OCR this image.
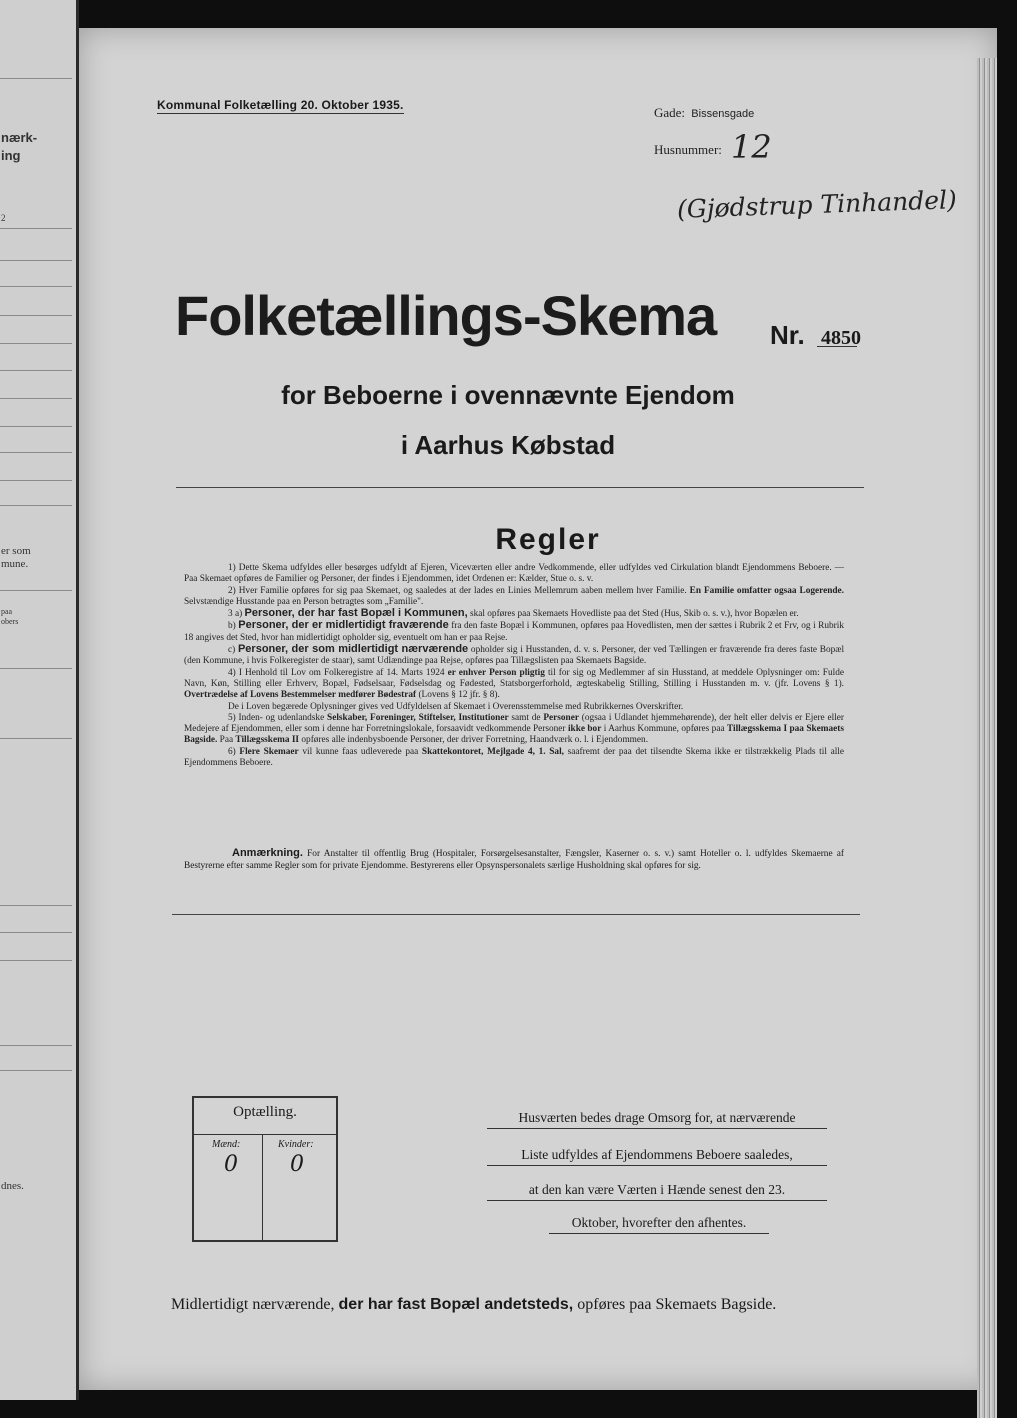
nærk-
ing
2
er som
mune.
paa
obers
dnes.
Kommunal Folketælling 20. Oktober 1935.	Gade: Bissensgade
Husnummer: 12
(Gjødstrup Tinhandel)
Folketællings-Skema Nr. 4850
for Beboerne i ovennævnte Ejendom
i Aarhus Købstad
Regler

1) Dette Skema udfyldes eller besørges udfyldt af Ejeren, Viceværten eller andre Vedkommende, eller udfyldes ved Cirkulation blandt Ejendommens Beboere. — Paa Skemaet opføres de Familier og Personer, der findes i Ejendommen, idet Ordenen er: Kælder, Stue o. s. v.

2) Hver Familie opføres for sig paa Skemaet, og saaledes at der lades en Linies Mellemrum aaben mellem hver Familie. En Familie omfatter ogsaa Logerende. Selvstændige Husstande paa en Person betragtes som „Familie".

3 a) Personer, der har fast Bopæl i Kommunen, skal opføres paa Skemaets Hovedliste paa det Sted (Hus, Skib o. s. v.), hvor Bopælen er.

b) Personer, der er midlertidigt fraværende fra den faste Bopæl i Kommunen, opføres paa Hovedlisten, men der sættes i Rubrik 2 et Frv, og i Rubrik 18 angives det Sted, hvor han midlertidigt opholder sig, eventuelt om han er paa Rejse.

c) Personer, der som midlertidigt nærværende opholder sig i Husstanden, d. v. s. Personer, der ved Tællingen er fraværende fra deres faste Bopæl (den Kommune, i hvis Folkeregister de staar), samt Udlændinge paa Rejse, opføres paa Tillægslisten paa Skemaets Bagside.

4) I Henhold til Lov om Folkeregistre af 14. Marts 1924 er enhver Person pligtig til for sig og Medlemmer af sin Husstand, at meddele Oplysninger om: Fulde Navn, Køn, Stilling eller Erhverv, Bopæl, Fødselsaar, Fødselsdag og Fødested, Statsborgerforhold, ægteskabelig Stilling, Stilling i Husstanden m. v. (jfr. Lovens § 1). Overtrædelse af Lovens Bestemmelser medfører Bødestraf (Lovens § 12 jfr. § 8).

De i Loven begærede Oplysninger gives ved Udfyldelsen af Skemaet i Overensstemmelse med Rubrikkernes Overskrifter.

5) Inden- og udenlandske Selskaber, Foreninger, Stiftelser, Institutioner samt de Personer (ogsaa i Udlandet hjemmehørende), der helt eller delvis er Ejere eller Medejere af Ejendommen, eller som i denne har Forretningslokale, forsaavidt vedkommende Personer ikke bor i Aarhus Kommune, opføres paa Tillægsskema I paa Skemaets Bagside. Paa Tillægsskema II opføres alle indenbysboende Personer, der driver Forretning, Haandværk o. l. i Ejendommen.

6) Flere Skemaer vil kunne faas udleverede paa Skattekontoret, Mejlgade 4, 1. Sal, saafremt der paa det tilsendte Skema ikke er tilstrækkelig Plads til alle Ejendommens Beboere.

Anmærkning. For Anstalter til offentlig Brug (Hospitaler, Forsørgelsesanstalter, Fængsler, Kaserner o. s. v.) samt Hoteller o. l. udfyldes Skemaerne af Bestyrerne efter samme Regler som for private Ejendomme. Bestyrerens eller Opsynspersonalets særlige Husholdning skal opføres for sig.

Optælling.
Mænd:	Kvinder:
0 0
Husværten bedes drage Omsorg for, at nærværende
Liste udfyldes af Ejendommens Beboere saaledes,
at den kan være Værten i Hænde senest den 23.
Oktober, hvorefter den afhentes.
Midlertidigt nærværende, der har fast Bopæl andetsteds, opføres paa Skemaets Bagside.
